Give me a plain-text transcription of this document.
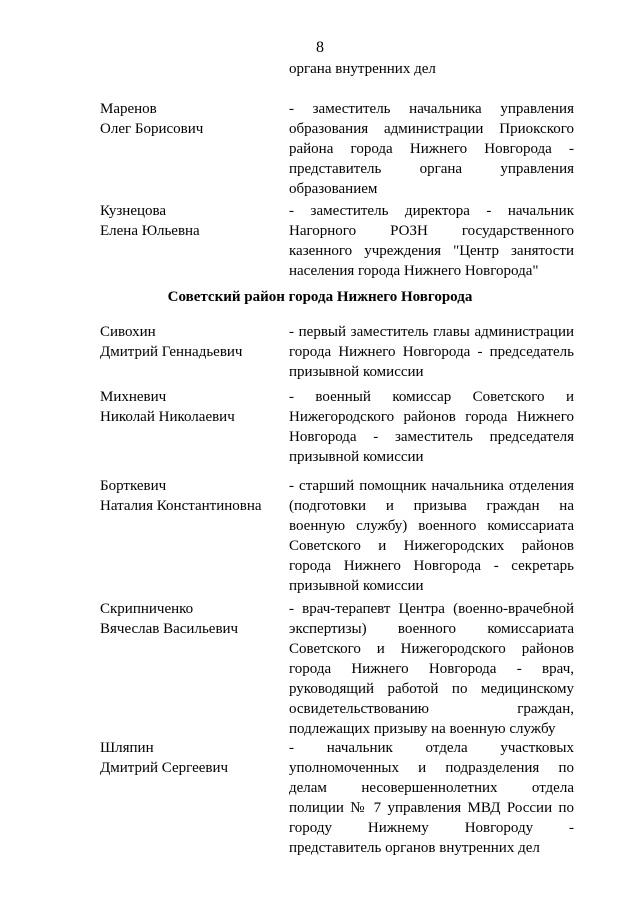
8
органа внутренних дел
Маренов
Олег Борисович
- заместитель начальника управления
образования администрации Приокского
района города Нижнего Новгорода -
представитель органа управления
образованием
Кузнецова
Елена Юльевна
- заместитель директора - начальник
Нагорного РОЗН государственного
казенного учреждения "Центр занятости
населения города Нижнего Новгорода"
Советский район города Нижнего Новгорода
Сивохин
Дмитрий Геннадьевич
- первый заместитель главы администрации
города Нижнего Новгорода - председатель
призывной комиссии
Михневич
Николай Николаевич
- военный комиссар Советского и
Нижегородского районов города Нижнего
Новгорода - заместитель председателя
призывной комиссии
Борткевич
Наталия Константиновна
- старший помощник начальника отделения
(подготовки и призыва граждан на
военную службу) военного комиссариата
Советского и Нижегородских районов
города Нижнего Новгорода - секретарь
призывной комиссии
Скрипниченко
Вячеслав Васильевич
- врач-терапевт Центра (военно-врачебной
экспертизы) военного комиссариата
Советского и Нижегородского районов
города Нижнего Новгорода - врач,
руководящий работой по медицинскому
освидетельствованию граждан,
подлежащих призыву на военную службу
Шляпин
Дмитрий Сергеевич
- начальник отдела участковых
уполномоченных и подразделения по
делам несовершеннолетних отдела
полиции № 7 управления МВД России по
городу Нижнему Новгороду -
представитель органов внутренних дел
